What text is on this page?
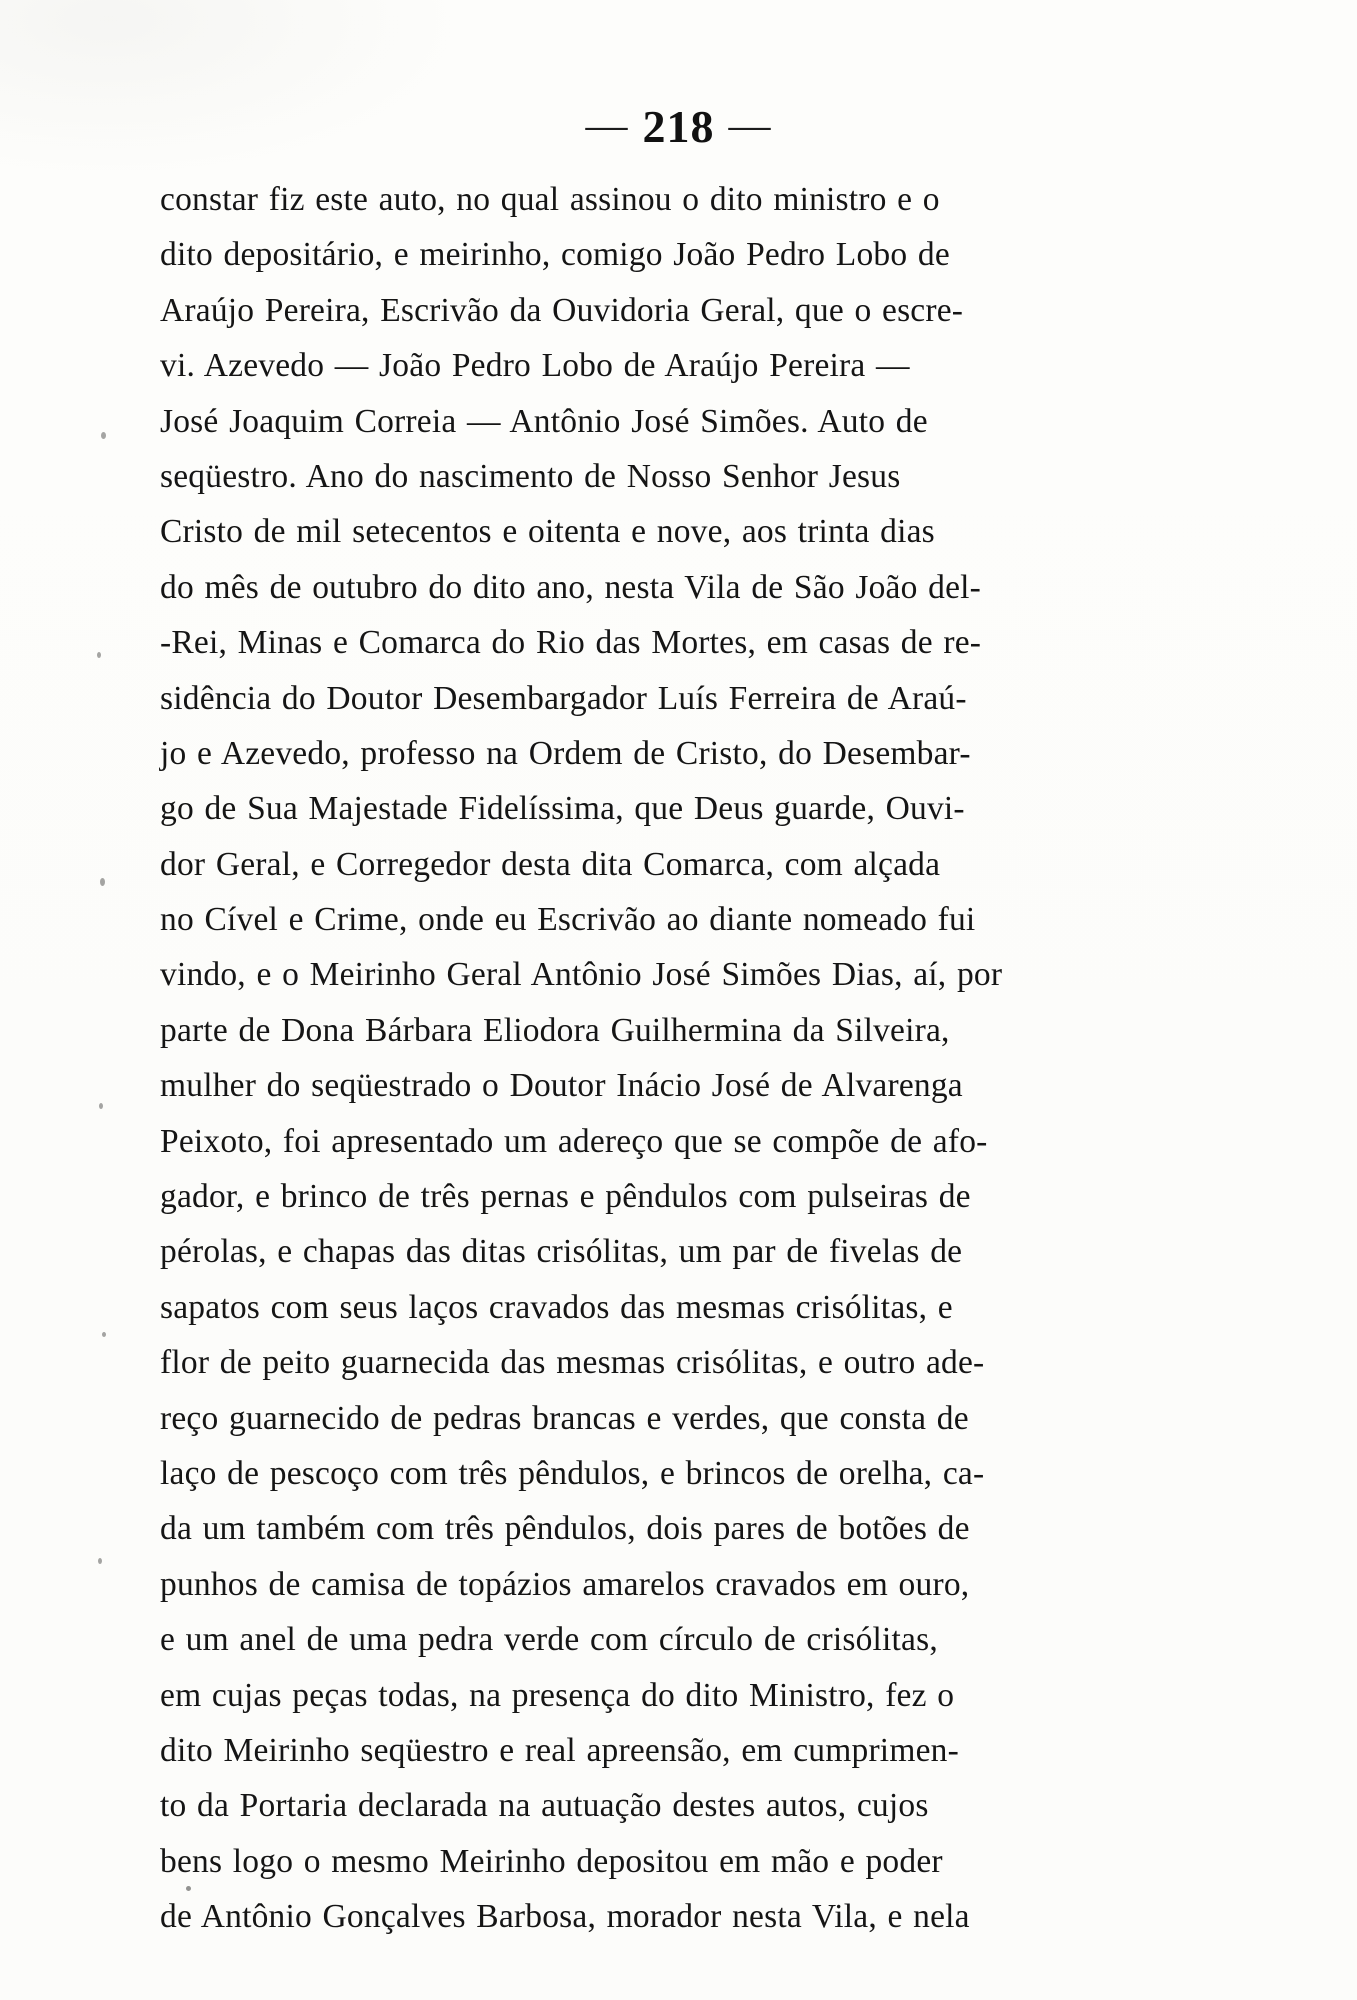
— 218 —
constar fiz este auto, no qual assinou o dito ministro e o
dito depositário, e meirinho, comigo João Pedro Lobo de
Araújo Pereira, Escrivão da Ouvidoria Geral, que o escre-
vi. Azevedo — João Pedro Lobo de Araújo Pereira —
José Joaquim Correia — Antônio José Simões. Auto de
seqüestro. Ano do nascimento de Nosso Senhor Jesus
Cristo de mil setecentos e oitenta e nove, aos trinta dias
do mês de outubro do dito ano, nesta Vila de São João del-
-Rei, Minas e Comarca do Rio das Mortes, em casas de re-
sidência do Doutor Desembargador Luís Ferreira de Araú-
jo e Azevedo, professo na Ordem de Cristo, do Desembar-
go de Sua Majestade Fidelíssima, que Deus guarde, Ouvi-
dor Geral, e Corregedor desta dita Comarca, com alçada
no Cível e Crime, onde eu Escrivão ao diante nomeado fui
vindo, e o Meirinho Geral Antônio José Simões Dias, aí, por
parte de Dona Bárbara Eliodora Guilhermina da Silveira,
mulher do seqüestrado o Doutor Inácio José de Alvarenga
Peixoto, foi apresentado um adereço que se compõe de afo-
gador, e brinco de três pernas e pêndulos com pulseiras de
pérolas, e chapas das ditas crisólitas, um par de fivelas de
sapatos com seus laços cravados das mesmas crisólitas, e
flor de peito guarnecida das mesmas crisólitas, e outro ade-
reço guarnecido de pedras brancas e verdes, que consta de
laço de pescoço com três pêndulos, e brincos de orelha, ca-
da um também com três pêndulos, dois pares de botões de
punhos de camisa de topázios amarelos cravados em ouro,
e um anel de uma pedra verde com círculo de crisólitas,
em cujas peças todas, na presença do dito Ministro, fez o
dito Meirinho seqüestro e real apreensão, em cumprimen-
to da Portaria declarada na autuação destes autos, cujos
bens logo o mesmo Meirinho depositou em mão e poder
de Antônio Gonçalves Barbosa, morador nesta Vila, e nela
